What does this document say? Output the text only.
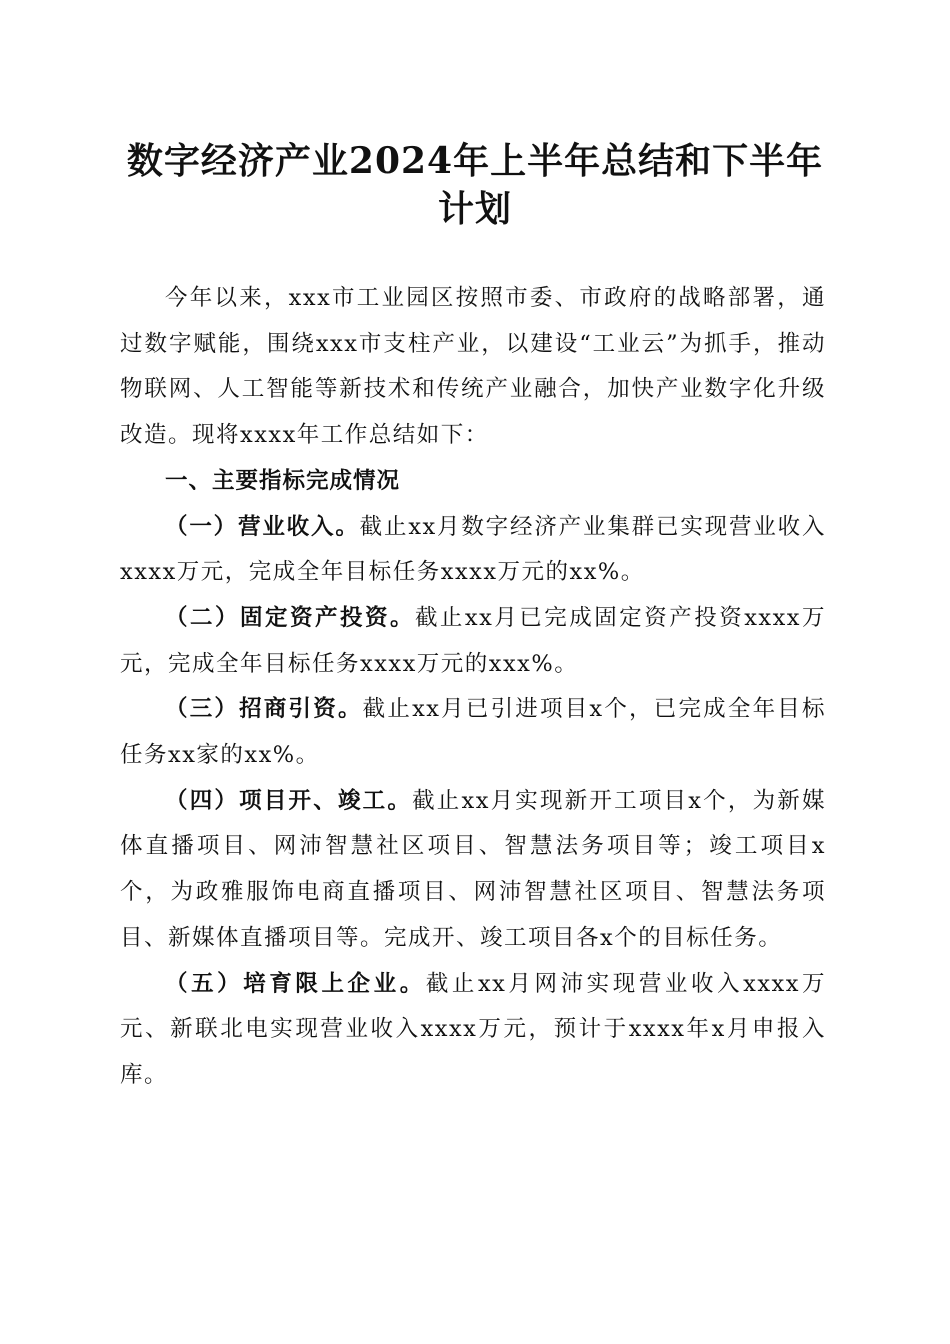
数字经济产业2024年上半年总结和下半年计划

今年以来，xxx市工业园区按照市委、市政府的战略部署，通过数字赋能，围绕xxx市支柱产业，以建设“工业云”为抓手，推动物联网、人工智能等新技术和传统产业融合，加快产业数字化升级改造。现将xxxx年工作总结如下：

一、主要指标完成情况

（一）营业收入。截止xx月数字经济产业集群已实现营业收入xxxx万元，完成全年目标任务xxxx万元的xx%。

（二）固定资产投资。截止xx月已完成固定资产投资xxxx万元，完成全年目标任务xxxx万元的xxx%。

（三）招商引资。截止xx月已引进项目x个，已完成全年目标任务xx家的xx%。

（四）项目开、竣工。截止xx月实现新开工项目x个，为新媒体直播项目、网沛智慧社区项目、智慧法务项目等；竣工项目x个，为政雅服饰电商直播项目、网沛智慧社区项目、智慧法务项目、新媒体直播项目等。完成开、竣工项目各x个的目标任务。

（五）培育限上企业。截止xx月网沛实现营业收入xxxx万元、新联北电实现营业收入xxxx万元，预计于xxxx年x月申报入库。
